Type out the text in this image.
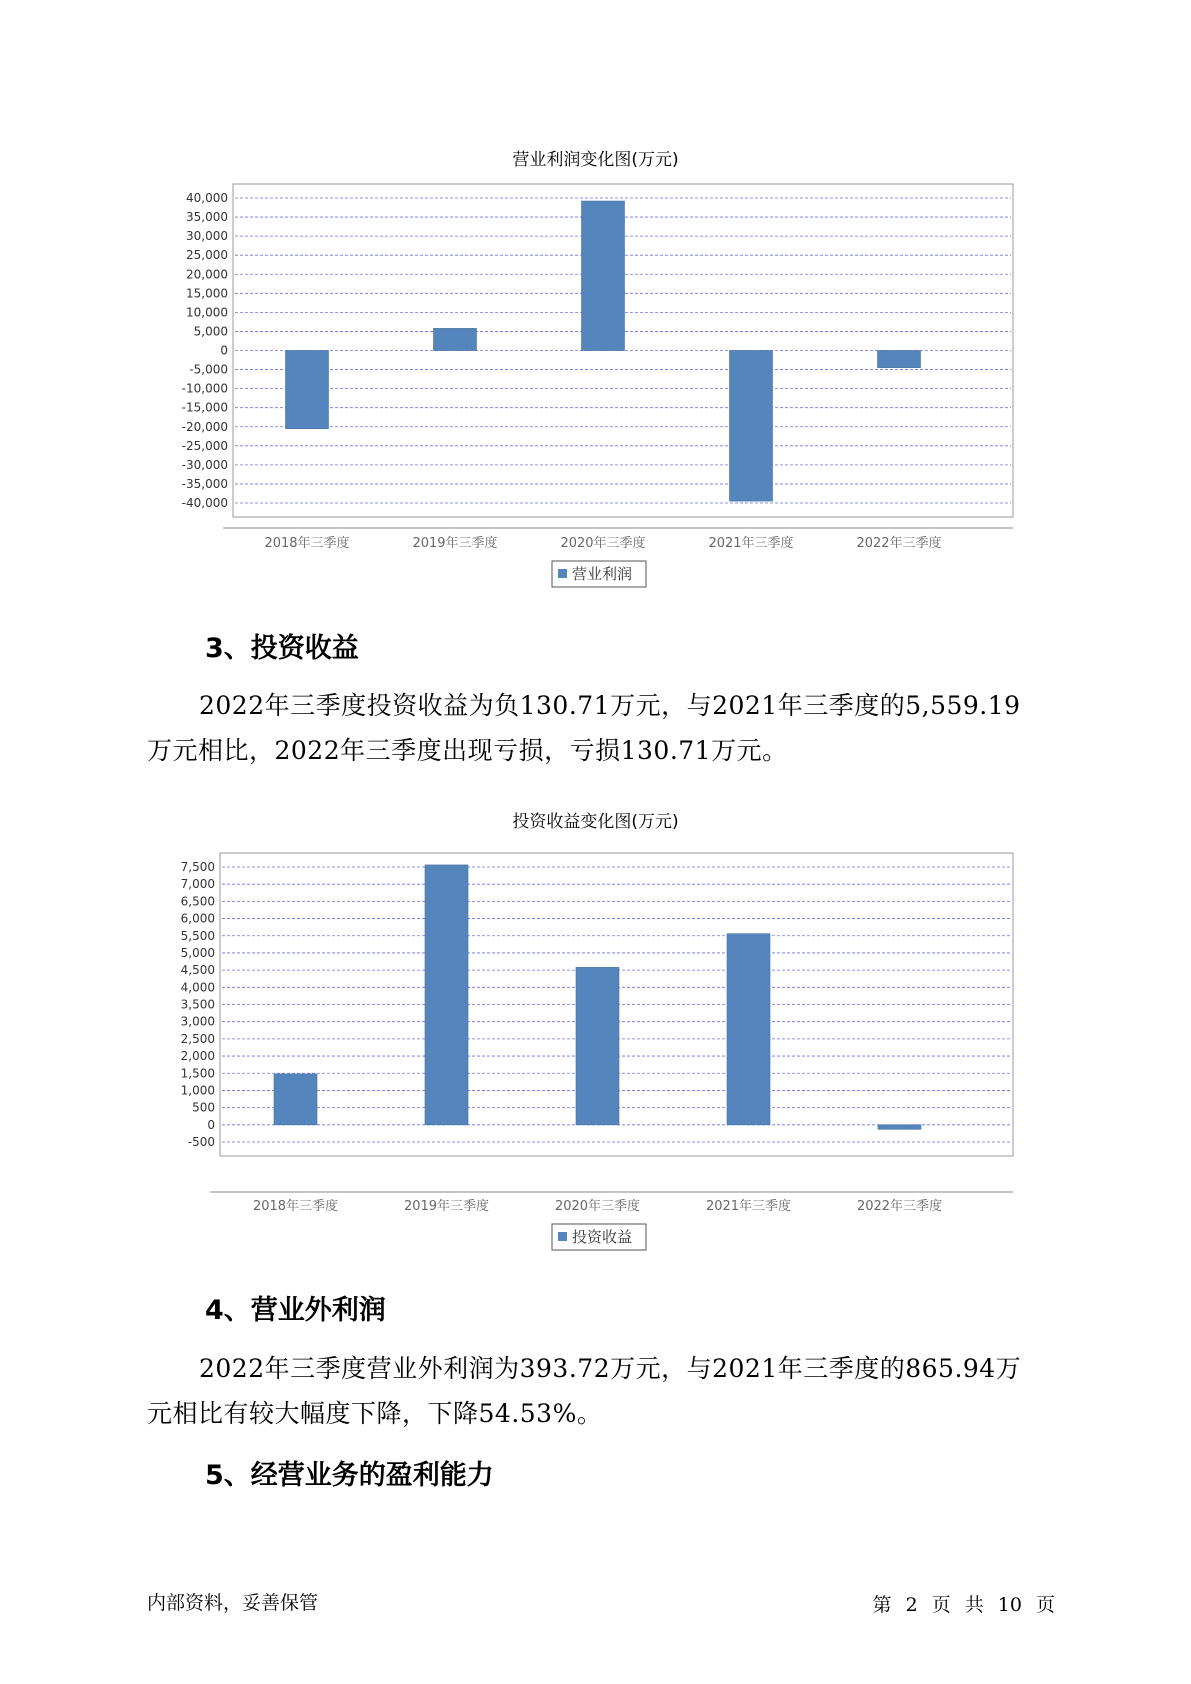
营业利润变化图(万元)
40,000
35,000
30,000
25,000
20,000
15,000
10,000
5,000
0
-5,000
-10,000
-15,000
-20,000
-25,000
-30,000
-35,000
-40,000
2018年三季度	2019年三季度	2020年三季度	2021年三季度	2022年三季度
营业利润
3、投资收益
2022年三季度投资收益为负130.71万元，与2021年三季度的5,559.19
万元相比，2022年三季度出现亏损，亏损130.71万元。
投资收益变化图(万元)
7,500
7,000
6,500
6,000
5,500
5,000
4,500
4,000
3,500
3,000
2,500
2,000
1,500
1,000
500
0
-500
2018年三季度	2019年三季度	2020年三季度	2021年三季度	2022年三季度
投资收益
4、营业外利润
2022年三季度营业外利润为393.72万元，与2021年三季度的865.94万
元相比有较大幅度下降，下降54.53%。
5、经营业务的盈利能力
内部资料，妥善保管	第 2 页 共 10 页
